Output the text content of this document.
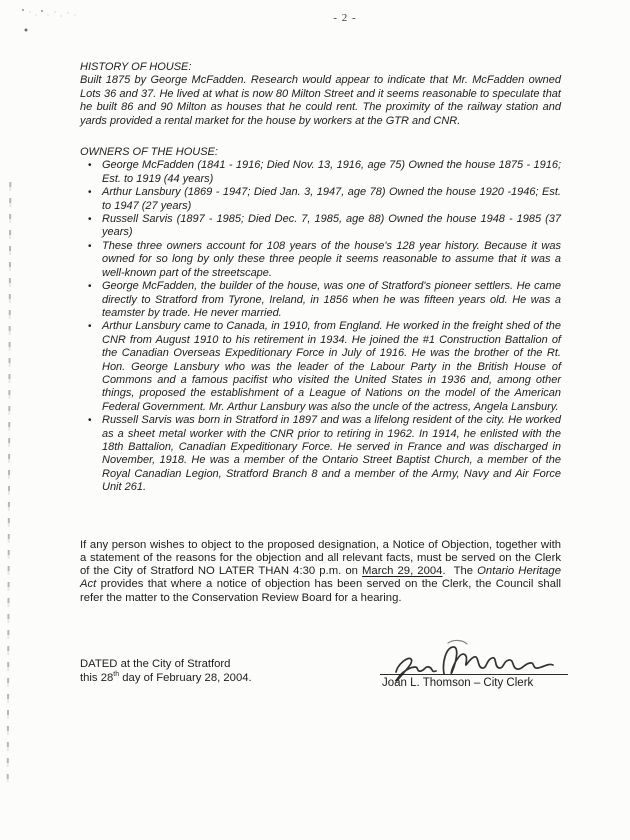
- 2 -
HISTORY OF HOUSE:
Built 1875 by George McFadden. Research would appear to indicate that Mr. McFadden owned Lots 36 and 37. He lived at what is now 80 Milton Street and it seems reasonable to speculate that he built 86 and 90 Milton as houses that he could rent. The proximity of the railway station and yards provided a rental market for the house by workers at the GTR and CNR.
OWNERS OF THE HOUSE:
• George McFadden (1841 - 1916; Died Nov. 13, 1916, age 75) Owned the house 1875 - 1916; Est. to 1919 (44 years)
• Arthur Lansbury (1869 - 1947; Died Jan. 3, 1947, age 78) Owned the house 1920 -1946; Est. to 1947 (27 years)
• Russell Sarvis (1897 - 1985; Died Dec. 7, 1985, age 88) Owned the house 1948 - 1985 (37 years)
• These three owners account for 108 years of the house's 128 year history. Because it was owned for so long by only these three people it seems reasonable to assume that it was a well-known part of the streetscape.
• George McFadden, the builder of the house, was one of Stratford's pioneer settlers. He came directly to Stratford from Tyrone, Ireland, in 1856 when he was fifteen years old. He was a teamster by trade. He never married.
• Arthur Lansbury came to Canada, in 1910, from England. He worked in the freight shed of the CNR from August 1910 to his retirement in 1934. He joined the #1 Construction Battalion of the Canadian Overseas Expeditionary Force in July of 1916. He was the brother of the Rt. Hon. George Lansbury who was the leader of the Labour Party in the British House of Commons and a famous pacifist who visited the United States in 1936 and, among other things, proposed the establishment of a League of Nations on the model of the American Federal Government. Mr. Arthur Lansbury was also the uncle of the actress, Angela Lansbury.
• Russell Sarvis was born in Stratford in 1897 and was a lifelong resident of the city. He worked as a sheet metal worker with the CNR prior to retiring in 1962. In 1914, he enlisted with the 18th Battalion, Canadian Expeditionary Force. He served in France and was discharged in November, 1918. He was a member of the Ontario Street Baptist Church, a member of the Royal Canadian Legion, Stratford Branch 8 and a member of the Army, Navy and Air Force Unit 261.
If any person wishes to object to the proposed designation, a Notice of Objection, together with a statement of the reasons for the objection and all relevant facts, must be served on the Clerk of the City of Stratford NO LATER THAN 4:30 p.m. on March 29, 2004.  The Ontario Heritage Act provides that where a notice of objection has been served on the Clerk, the Council shall refer the matter to the Conservation Review Board for a hearing.
DATED at the City of Stratford
this 28th day of February 28, 2004.	Joan L. Thomson – City Clerk
